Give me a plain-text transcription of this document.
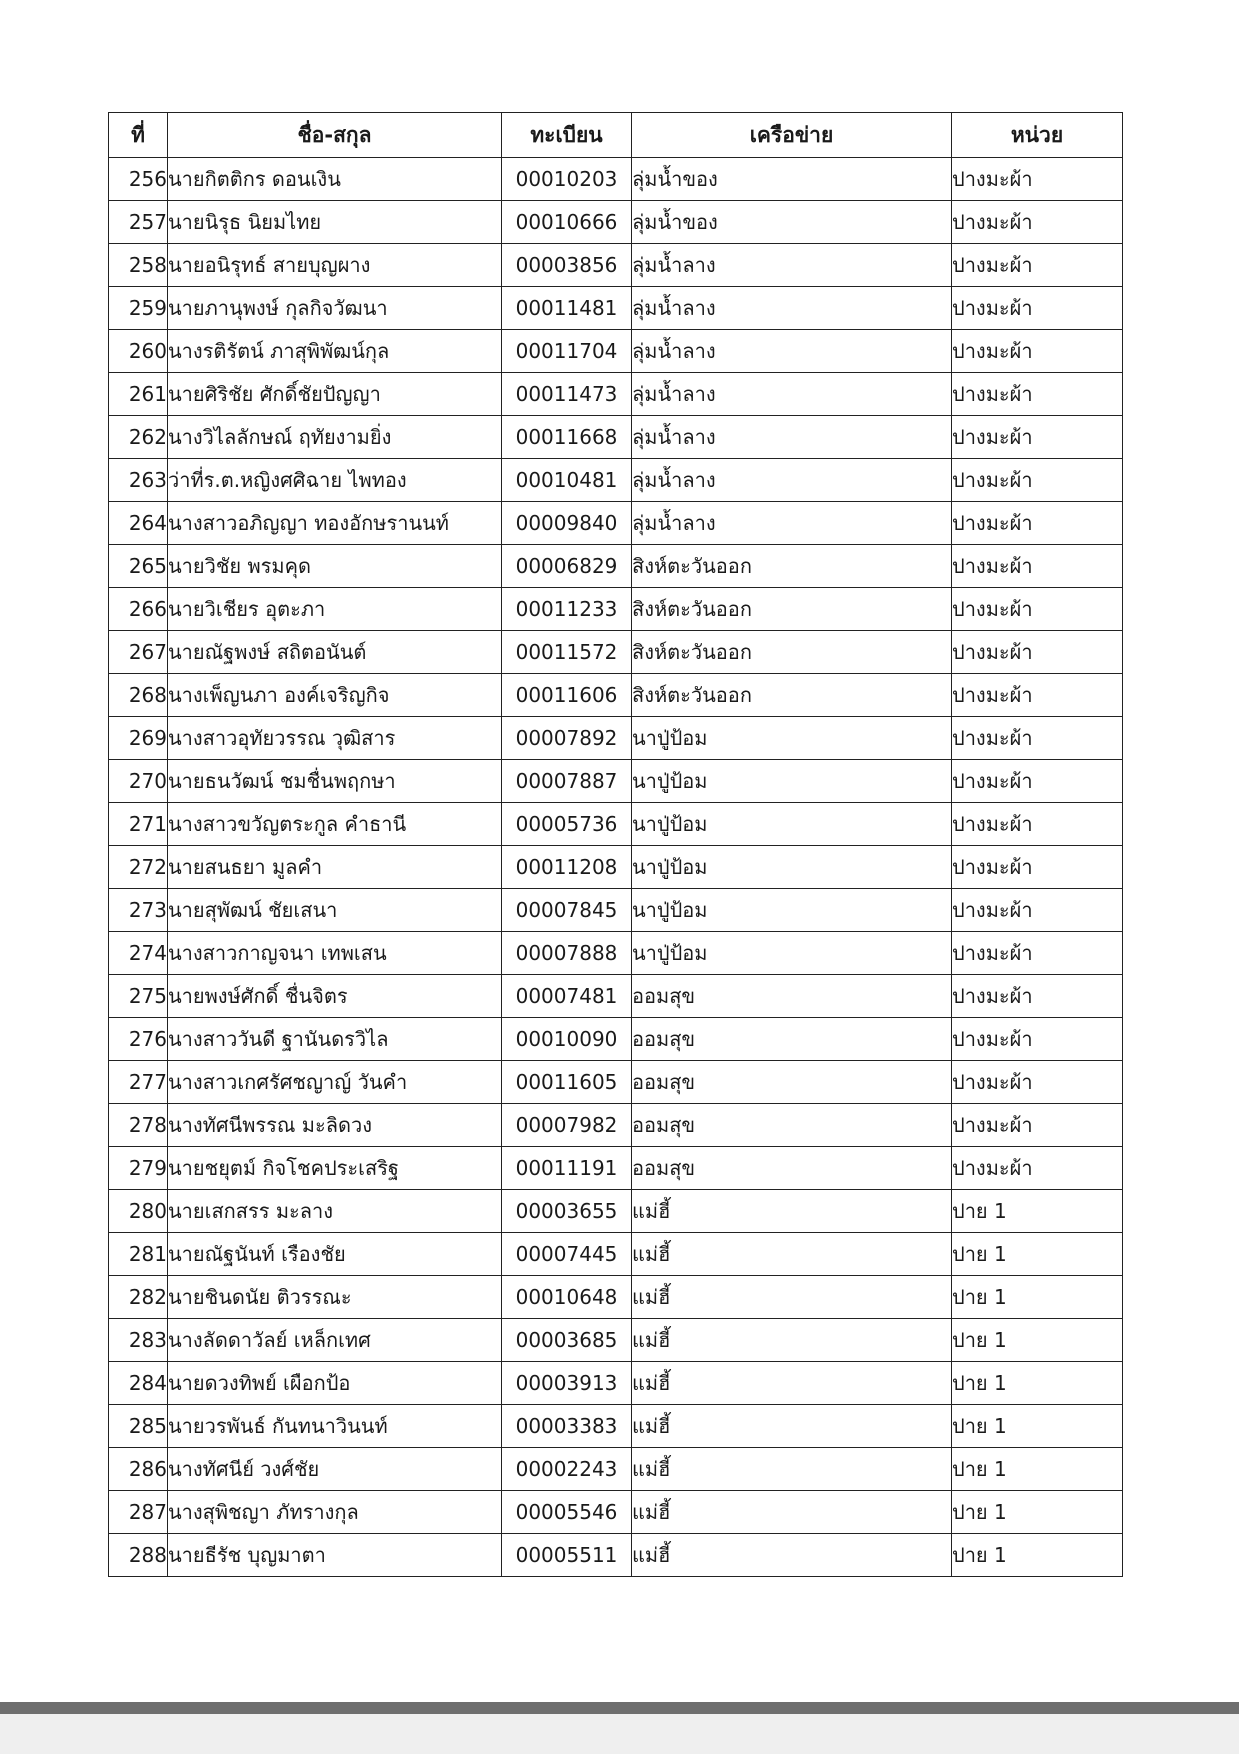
ที่	ชื่อ-สกุล	ทะเบียน	เครือข่าย	หน่วย
256	นายกิตติกร ดอนเงิน	00010203	ลุ่มน้ำของ	ปางมะผ้า
257	นายนิรุธ นิยมไทย	00010666	ลุ่มน้ำของ	ปางมะผ้า
258	นายอนิรุทธ์ สายบุญผาง	00003856	ลุ่มน้ำลาง	ปางมะผ้า
259	นายภานุพงษ์ กุลกิจวัฒนา	00011481	ลุ่มน้ำลาง	ปางมะผ้า
260	นางรติรัตน์ ภาสุพิพัฒน์กุล	00011704	ลุ่มน้ำลาง	ปางมะผ้า
261	นายศิริชัย ศักดิ์ชัยปัญญา	00011473	ลุ่มน้ำลาง	ปางมะผ้า
262	นางวิไลลักษณ์ ฤทัยงามยิ่ง	00011668	ลุ่มน้ำลาง	ปางมะผ้า
263	ว่าที่ร.ต.หญิงศศิฉาย ไพทอง	00010481	ลุ่มน้ำลาง	ปางมะผ้า
264	นางสาวอภิญญา ทองอักษรานนท์	00009840	ลุ่มน้ำลาง	ปางมะผ้า
265	นายวิชัย พรมคุด	00006829	สิงห์ตะวันออก	ปางมะผ้า
266	นายวิเชียร อุตะภา	00011233	สิงห์ตะวันออก	ปางมะผ้า
267	นายณัฐพงษ์ สถิตอนันต์	00011572	สิงห์ตะวันออก	ปางมะผ้า
268	นางเพ็ญนภา องค์เจริญกิจ	00011606	สิงห์ตะวันออก	ปางมะผ้า
269	นางสาวอุทัยวรรณ วุฒิสาร	00007892	นาปู่ป้อม	ปางมะผ้า
270	นายธนวัฒน์ ชมชื่นพฤกษา	00007887	นาปู่ป้อม	ปางมะผ้า
271	นางสาวขวัญตระกูล คำธานี	00005736	นาปู่ป้อม	ปางมะผ้า
272	นายสนธยา มูลคำ	00011208	นาปู่ป้อม	ปางมะผ้า
273	นายสุพัฒน์ ชัยเสนา	00007845	นาปู่ป้อม	ปางมะผ้า
274	นางสาวกาญจนา เทพเสน	00007888	นาปู่ป้อม	ปางมะผ้า
275	นายพงษ์ศักดิ์ ชื่นจิตร	00007481	ออมสุข	ปางมะผ้า
276	นางสาววันดี ฐานันดรวิไล	00010090	ออมสุข	ปางมะผ้า
277	นางสาวเกศรัศชญาญ์ วันคำ	00011605	ออมสุข	ปางมะผ้า
278	นางทัศนีพรรณ มะลิดวง	00007982	ออมสุข	ปางมะผ้า
279	นายชยุตม์ กิจโชคประเสริฐ	00011191	ออมสุข	ปางมะผ้า
280	นายเสกสรร มะลาง	00003655	แม่ฮี้	ปาย 1
281	นายณัฐนันท์ เรืองชัย	00007445	แม่ฮี้	ปาย 1
282	นายชินดนัย ติวรรณะ	00010648	แม่ฮี้	ปาย 1
283	นางลัดดาวัลย์ เหล็กเทศ	00003685	แม่ฮี้	ปาย 1
284	นายดวงทิพย์ เผือกป้อ	00003913	แม่ฮี้	ปาย 1
285	นายวรพันธ์ กันทนาวินนท์	00003383	แม่ฮี้	ปาย 1
286	นางทัศนีย์ วงศ์ชัย	00002243	แม่ฮี้	ปาย 1
287	นางสุพิชญา ภัทรางกุล	00005546	แม่ฮี้	ปาย 1
288	นายธีรัช บุญมาตา	00005511	แม่ฮี้	ปาย 1
